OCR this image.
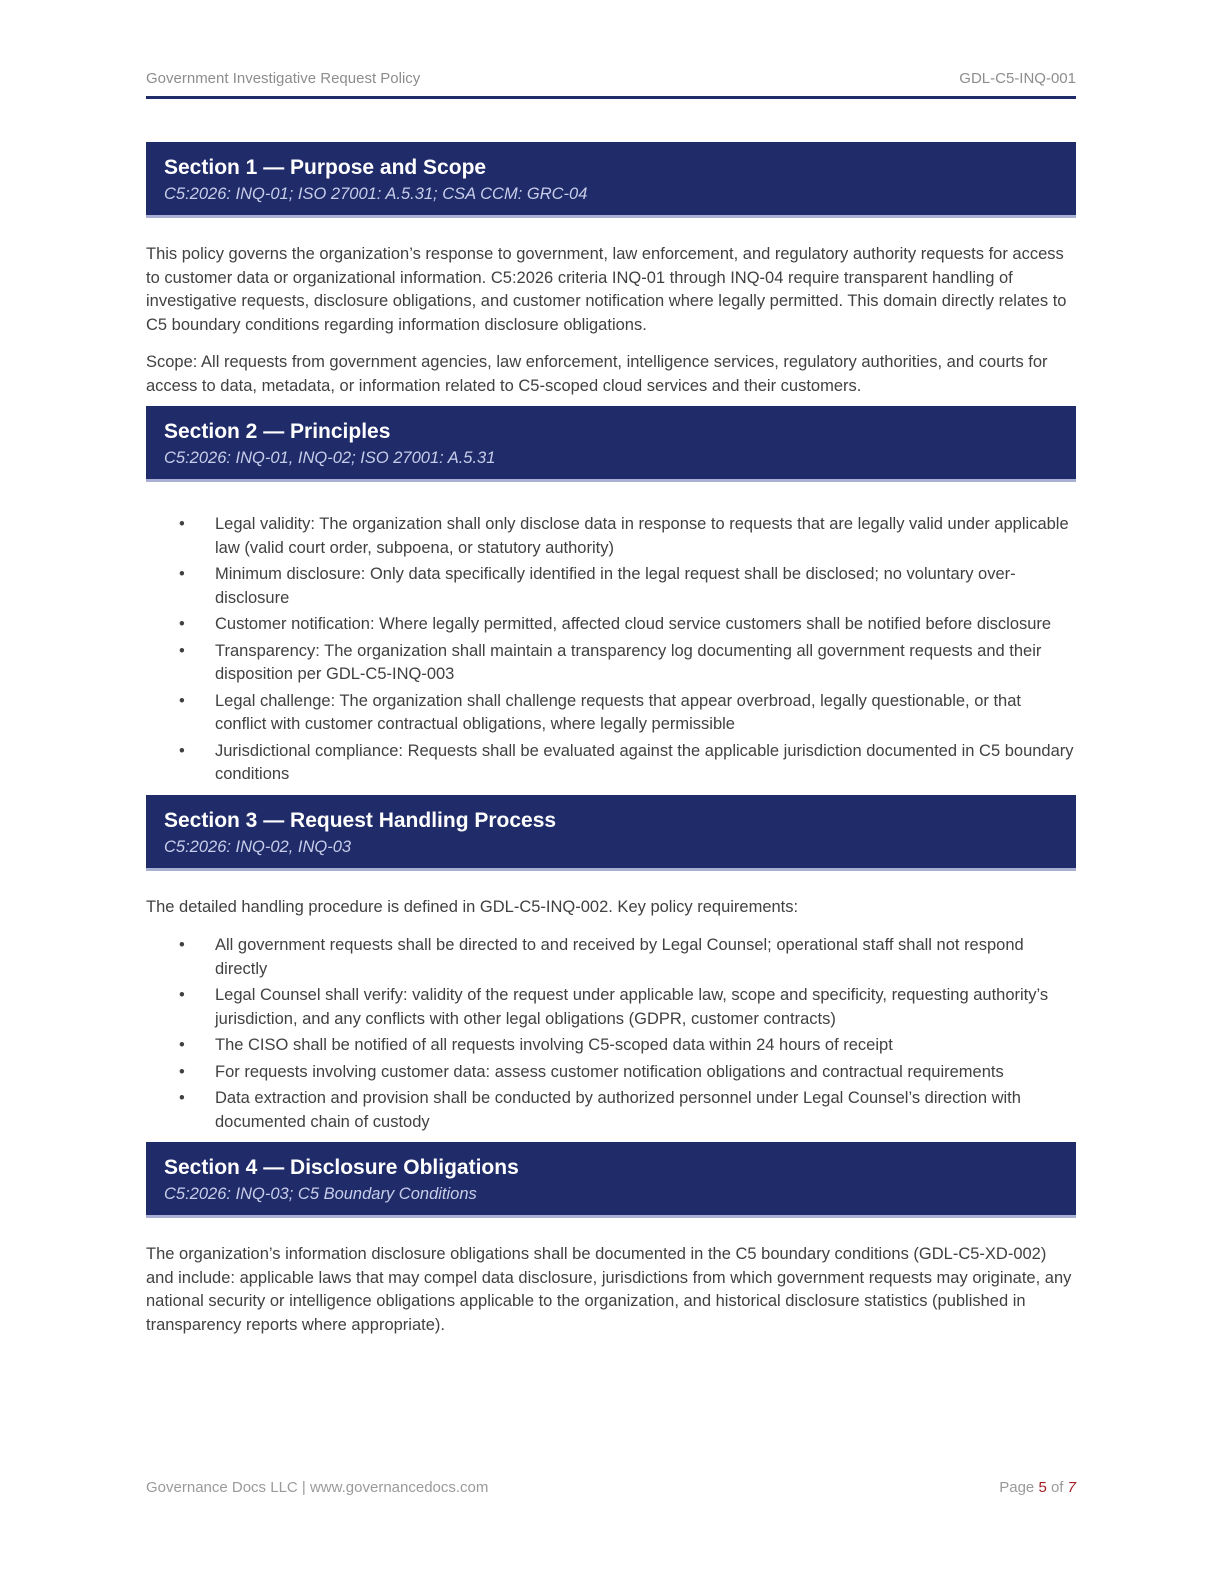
Government Investigative Request Policy	GDL-C5-INQ-001
Section 1 — Purpose and Scope
C5:2026: INQ-01; ISO 27001: A.5.31; CSA CCM: GRC-04

This policy governs the organization’s response to government, law enforcement, and regulatory authority requests for access to customer data or organizational information. C5:2026 criteria INQ-01 through INQ-04 require transparent handling of investigative requests, disclosure obligations, and customer notification where legally permitted. This domain directly relates to C5 boundary conditions regarding information disclosure obligations.

Scope: All requests from government agencies, law enforcement, intelligence services, regulatory authorities, and courts for access to data, metadata, or information related to C5-scoped cloud services and their customers.

Section 2 — Principles
C5:2026: INQ-01, INQ-02; ISO 27001: A.5.31
•	Legal validity: The organization shall only disclose data in response to requests that are legally valid under applicable law (valid court order, subpoena, or statutory authority)
•	Minimum disclosure: Only data specifically identified in the legal request shall be disclosed; no voluntary over-disclosure
•	Customer notification: Where legally permitted, affected cloud service customers shall be notified before disclosure
•	Transparency: The organization shall maintain a transparency log documenting all government requests and their disposition per GDL-C5-INQ-003
•	Legal challenge: The organization shall challenge requests that appear overbroad, legally questionable, or that conflict with customer contractual obligations, where legally permissible
•	Jurisdictional compliance: Requests shall be evaluated against the applicable jurisdiction documented in C5 boundary conditions
Section 3 — Request Handling Process
C5:2026: INQ-02, INQ-03

The detailed handling procedure is defined in GDL-C5-INQ-002. Key policy requirements:

•	All government requests shall be directed to and received by Legal Counsel; operational staff shall not respond directly
•	Legal Counsel shall verify: validity of the request under applicable law, scope and specificity, requesting authority’s jurisdiction, and any conflicts with other legal obligations (GDPR, customer contracts)
•	The CISO shall be notified of all requests involving C5-scoped data within 24 hours of receipt
•	For requests involving customer data: assess customer notification obligations and contractual requirements
•	Data extraction and provision shall be conducted by authorized personnel under Legal Counsel’s direction with documented chain of custody
Section 4 — Disclosure Obligations
C5:2026: INQ-03; C5 Boundary Conditions

The organization’s information disclosure obligations shall be documented in the C5 boundary conditions (GDL-C5-XD-002) and include: applicable laws that may compel data disclosure, jurisdictions from which government requests may originate, any national security or intelligence obligations applicable to the organization, and historical disclosure statistics (published in transparency reports where appropriate).

Governance Docs LLC | www.governancedocs.com	Page 5 of 7
